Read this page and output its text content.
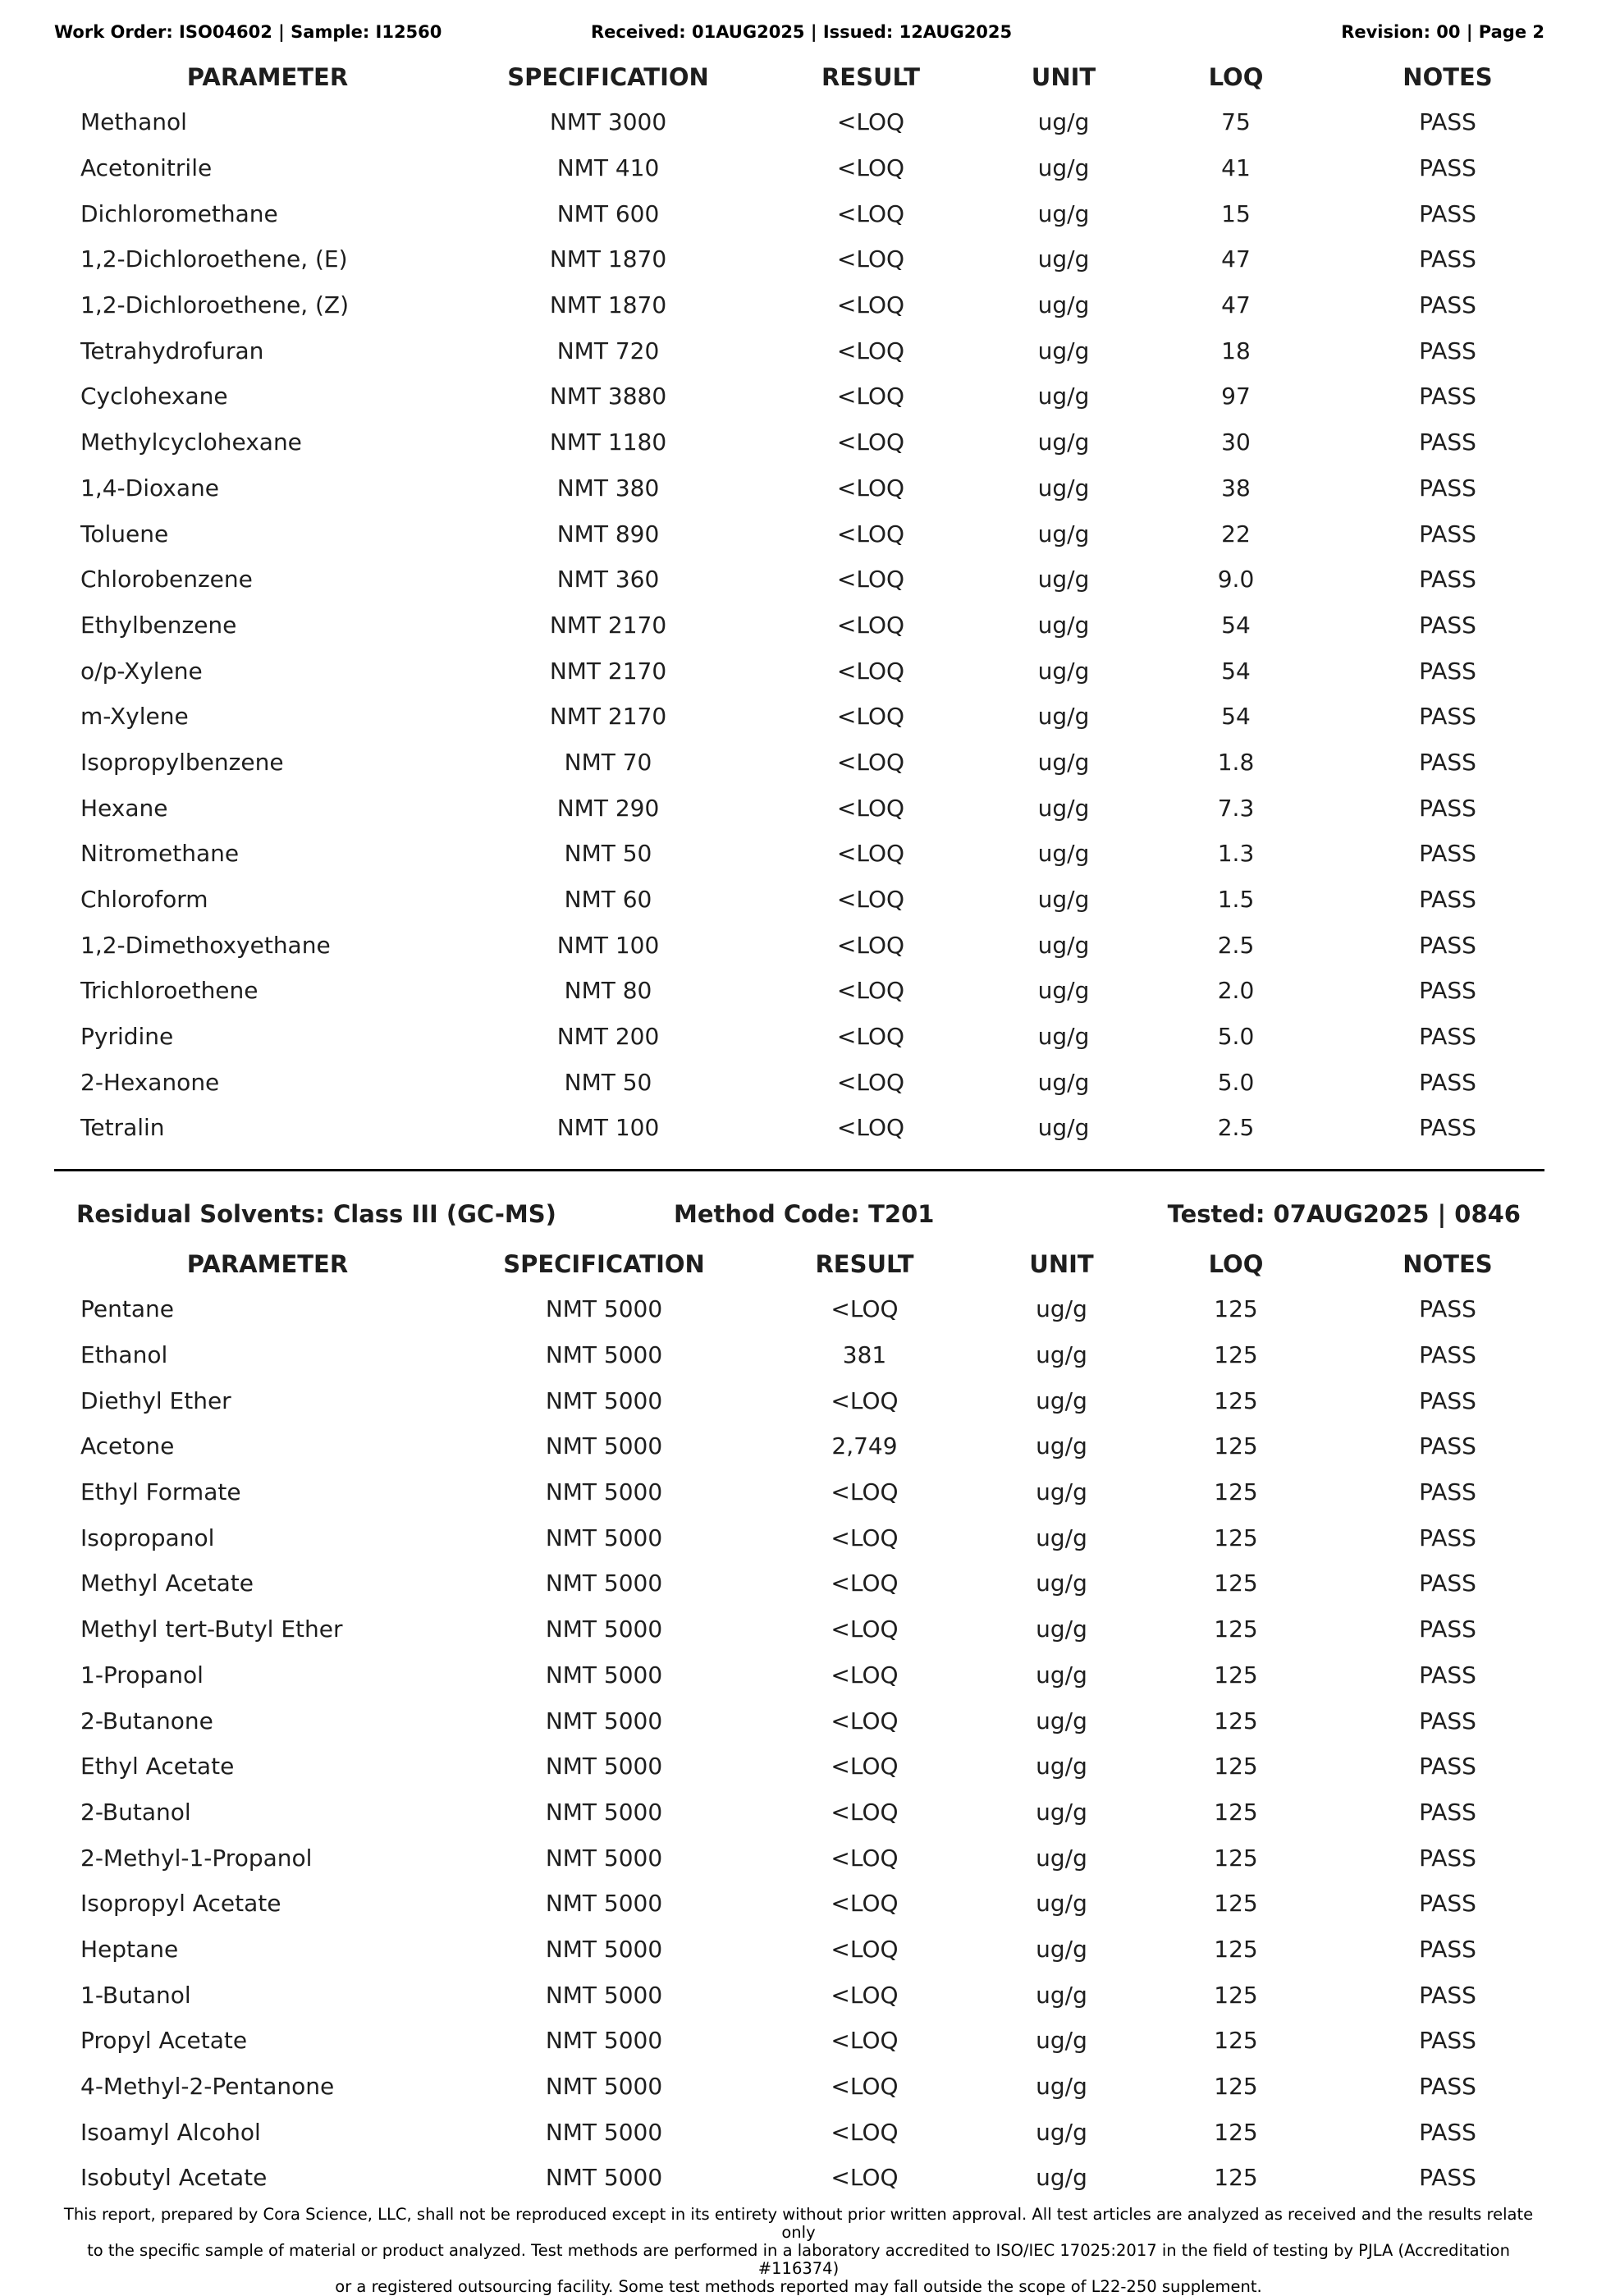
Work Order: ISO04602 | Sample: I12560	Received: 01AUG2025 | Issued: 12AUG2025	Revision: 00 | Page 2
PARAMETER	SPECIFICATION	RESULT	UNIT	LOQ	NOTES
Methanol	NMT 3000	<LOQ	ug/g	75	PASS
Acetonitrile	NMT 410	<LOQ	ug/g	41	PASS
Dichloromethane	NMT 600	<LOQ	ug/g	15	PASS
1,2-Dichloroethene, (E)	NMT 1870	<LOQ	ug/g	47	PASS
1,2-Dichloroethene, (Z)	NMT 1870	<LOQ	ug/g	47	PASS
Tetrahydrofuran	NMT 720	<LOQ	ug/g	18	PASS
Cyclohexane	NMT 3880	<LOQ	ug/g	97	PASS
Methylcyclohexane	NMT 1180	<LOQ	ug/g	30	PASS
1,4-Dioxane	NMT 380	<LOQ	ug/g	38	PASS
Toluene	NMT 890	<LOQ	ug/g	22	PASS
Chlorobenzene	NMT 360	<LOQ	ug/g	9.0	PASS
Ethylbenzene	NMT 2170	<LOQ	ug/g	54	PASS
o/p-Xylene	NMT 2170	<LOQ	ug/g	54	PASS
m-Xylene	NMT 2170	<LOQ	ug/g	54	PASS
Isopropylbenzene	NMT 70	<LOQ	ug/g	1.8	PASS
Hexane	NMT 290	<LOQ	ug/g	7.3	PASS
Nitromethane	NMT 50	<LOQ	ug/g	1.3	PASS
Chloroform	NMT 60	<LOQ	ug/g	1.5	PASS
1,2-Dimethoxyethane	NMT 100	<LOQ	ug/g	2.5	PASS
Trichloroethene	NMT 80	<LOQ	ug/g	2.0	PASS
Pyridine	NMT 200	<LOQ	ug/g	5.0	PASS
2-Hexanone	NMT 50	<LOQ	ug/g	5.0	PASS
Tetralin	NMT 100	<LOQ	ug/g	2.5	PASS
Residual Solvents: Class III (GC-MS)	Method Code: T201	Tested: 07AUG2025 | 0846
PARAMETER	SPECIFICATION	RESULT	UNIT	LOQ	NOTES
Pentane	NMT 5000	<LOQ	ug/g	125	PASS
Ethanol	NMT 5000	381	ug/g	125	PASS
Diethyl Ether	NMT 5000	<LOQ	ug/g	125	PASS
Acetone	NMT 5000	2,749	ug/g	125	PASS
Ethyl Formate	NMT 5000	<LOQ	ug/g	125	PASS
Isopropanol	NMT 5000	<LOQ	ug/g	125	PASS
Methyl Acetate	NMT 5000	<LOQ	ug/g	125	PASS
Methyl tert-Butyl Ether	NMT 5000	<LOQ	ug/g	125	PASS
1-Propanol	NMT 5000	<LOQ	ug/g	125	PASS
2-Butanone	NMT 5000	<LOQ	ug/g	125	PASS
Ethyl Acetate	NMT 5000	<LOQ	ug/g	125	PASS
2-Butanol	NMT 5000	<LOQ	ug/g	125	PASS
2-Methyl-1-Propanol	NMT 5000	<LOQ	ug/g	125	PASS
Isopropyl Acetate	NMT 5000	<LOQ	ug/g	125	PASS
Heptane	NMT 5000	<LOQ	ug/g	125	PASS
1-Butanol	NMT 5000	<LOQ	ug/g	125	PASS
Propyl Acetate	NMT 5000	<LOQ	ug/g	125	PASS
4-Methyl-2-Pentanone	NMT 5000	<LOQ	ug/g	125	PASS
Isoamyl Alcohol	NMT 5000	<LOQ	ug/g	125	PASS
Isobutyl Acetate	NMT 5000	<LOQ	ug/g	125	PASS
This report, prepared by Cora Science, LLC, shall not be reproduced except in its entirety without prior written approval. All test articles are analyzed as received and the results relate only
to the specific sample of material or product analyzed. Test methods are performed in a laboratory accredited to ISO/IEC 17025:2017 in the field of testing by PJLA (Accreditation #116374)
or a registered outsourcing facility. Some test methods reported may fall outside the scope of L22-250 supplement.
